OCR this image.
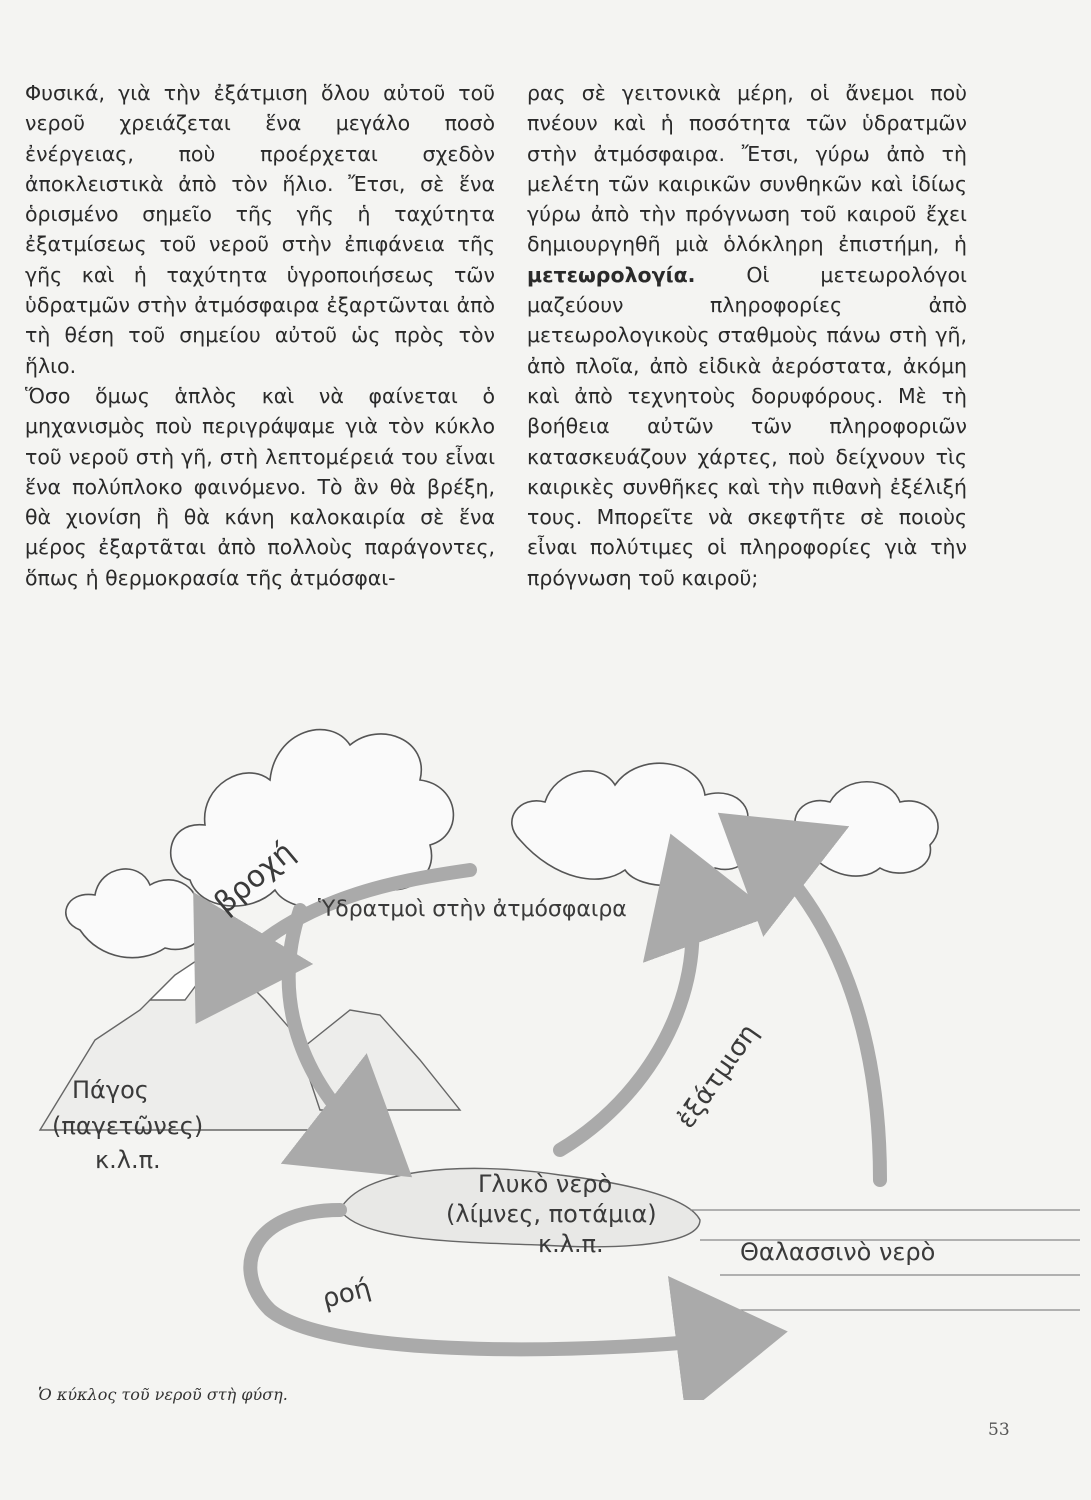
Φυσικά, γιὰ τὴν ἐξάτμιση ὅλου αὐτοῦ τοῦ νεροῦ χρειάζεται ἕνα μεγάλο ποσὸ ἐνέργειας, ποὺ προέρχεται σχεδὸν ἀποκλειστικὰ ἀπὸ τὸν ἥλιο. Ἔτσι, σὲ ἕνα ὁρισμένο σημεῖο τῆς γῆς ἡ ταχύτητα ἐξατμίσεως τοῦ νεροῦ στὴν ἐπιφάνεια τῆς γῆς καὶ ἡ ταχύτητα ὑγροποιήσεως τῶν ὑδρατμῶν στὴν ἀτμόσφαιρα ἐξαρτῶνται ἀπὸ τὴ θέση τοῦ σημείου αὐτοῦ ὡς πρὸς τὸν ἥλιο.

Ὅσο ὅμως ἁπλὸς καὶ νὰ φαίνεται ὁ μηχανισμὸς ποὺ περιγράψαμε γιὰ τὸν κύκλο τοῦ νεροῦ στὴ γῆ, στὴ λεπτομέρειά του εἶναι ἕνα πολύπλοκο φαινόμενο. Τὸ ἂν θὰ βρέξη, θὰ χιονίση ἢ θὰ κάνη καλοκαιρία σὲ ἕνα μέρος ἐξαρτᾶται ἀπὸ πολλοὺς παράγοντες, ὅπως ἡ θερμοκρασία τῆς ἀτμόσφαι-

ρας σὲ γειτονικὰ μέρη, οἱ ἄνεμοι ποὺ πνέουν καὶ ἡ ποσότητα τῶν ὑδρατμῶν στὴν ἀτμόσφαιρα. Ἔτσι, γύρω ἀπὸ τὴ μελέτη τῶν καιρικῶν συνθηκῶν καὶ ἰδίως γύρω ἀπὸ τὴν πρόγνωση τοῦ καιροῦ ἔχει δημιουργηθῆ μιὰ ὁλόκληρη ἐπιστήμη, ἡ μετεωρολογία. Οἱ μετεωρολόγοι μαζεύουν πληροφορίες ἀπὸ μετεωρολογικοὺς σταθμοὺς πάνω στὴ γῆ, ἀπὸ πλοῖα, ἀπὸ εἰδικὰ ἀερόστατα, ἀκόμη καὶ ἀπὸ τεχνητοὺς δορυφόρους. Μὲ τὴ βοήθεια αὐτῶν τῶν πληροφοριῶν κατασκευάζουν χάρτες, ποὺ δείχνουν τὶς καιρικὲς συνθῆκες καὶ τὴν πιθανὴ ἐξέλιξή τους. Μπορεῖτε νὰ σκεφτῆτε σὲ ποιοὺς εἶναι πολύτιμες οἱ πληροφορίες γιὰ τὴν πρόγνωση τοῦ καιροῦ;

βροχή Ὑδρατμοὶ στὴν ἀτμόσφαιρα
Πάγος
(παγετῶνες)
κ.λ.π.
ἐξάτμιση
Γλυκὸ νερὸ
(λίμνες, ποτάμια)
κ.λ.π.	Θαλασσινὸ νερὸ
ροή
Ὁ κύκλος τοῦ νεροῦ στὴ φύση.
53
